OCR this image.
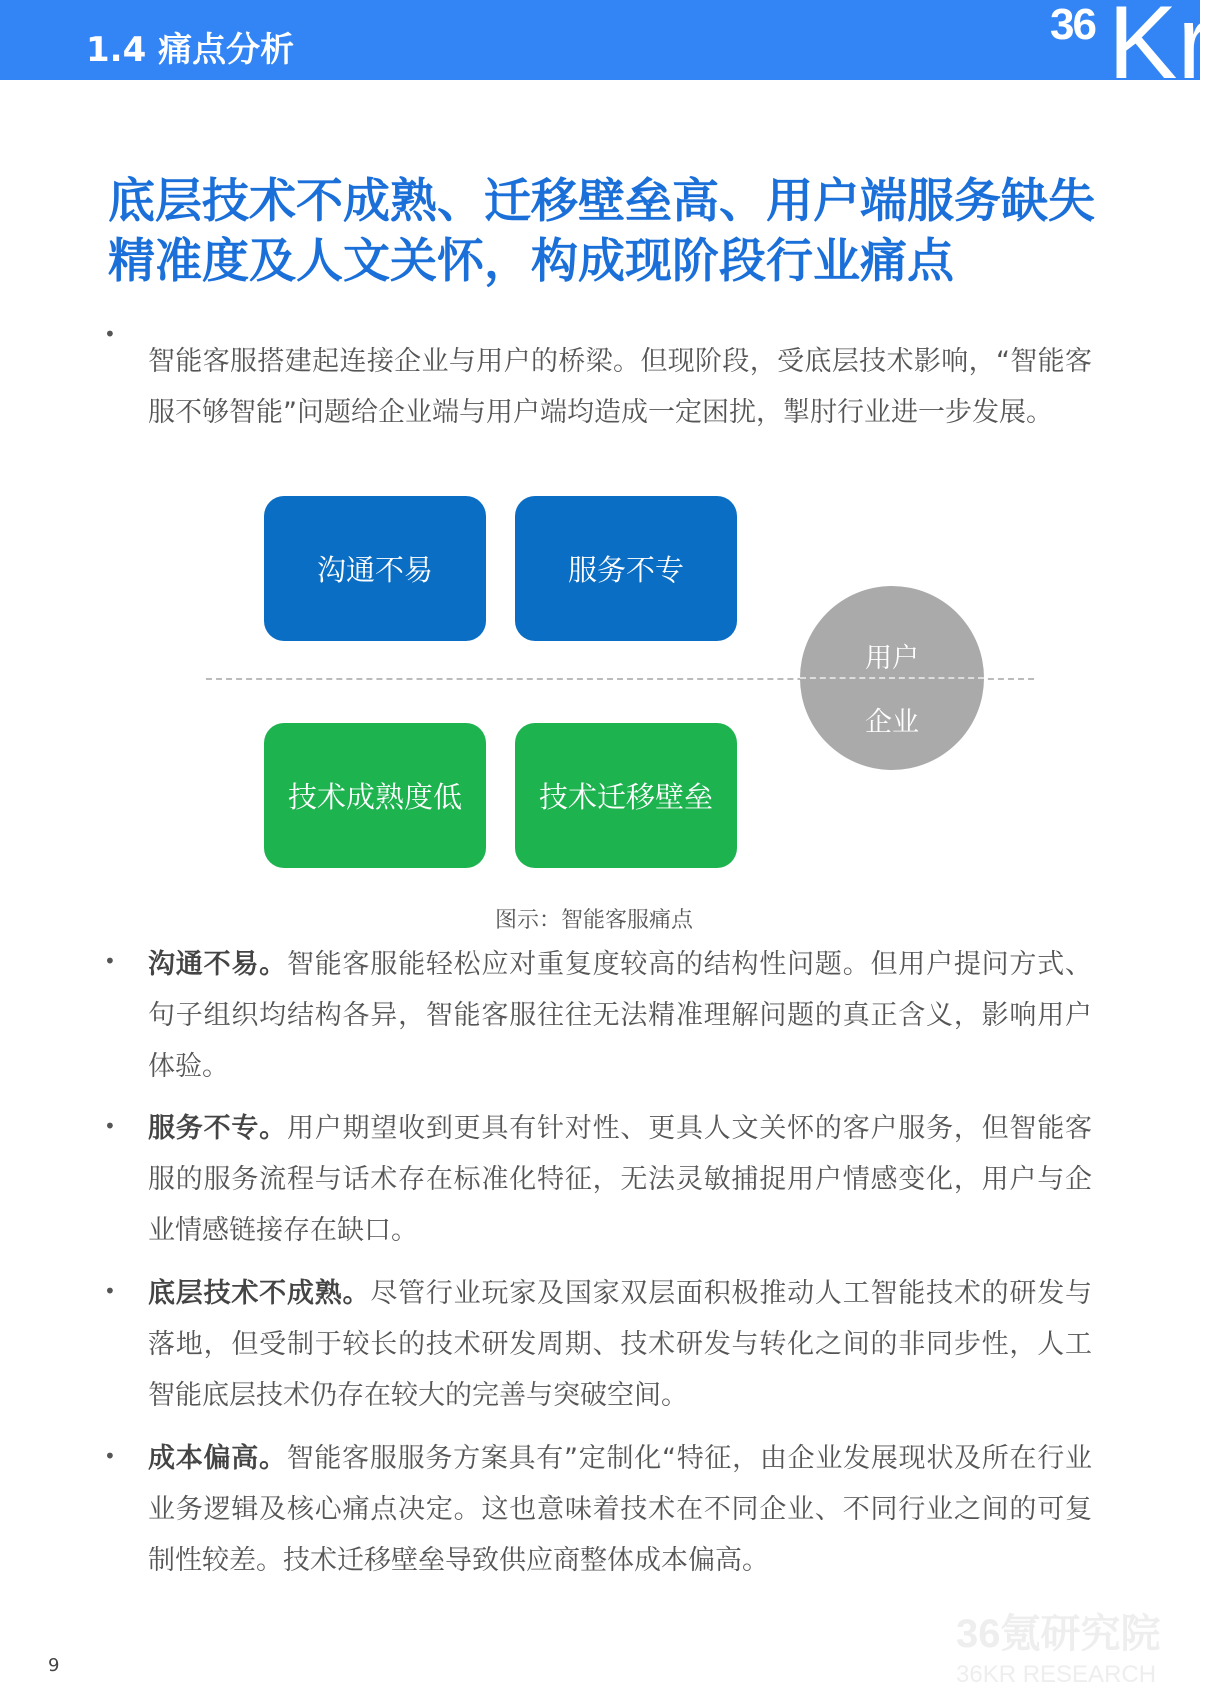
1.4 痛点分析
36 Kr
底层技术不成熟、迁移壁垒高、用户端服务缺失精准度及人文关怀，构成现阶段行业痛点
•
智能客服搭建起连接企业与用户的桥梁。但现阶段，受底层技术影响，“智能客服不够智能”问题给企业端与用户端均造成一定困扰，掣肘行业进一步发展。
沟通不易	服务不专
技术成熟度低	技术迁移壁垒
用户
企业
图示：智能客服痛点
• 沟通不易。智能客服能轻松应对重复度较高的结构性问题。但用户提问方式、句子组织均结构各异，智能客服往往无法精准理解问题的真正含义，影响用户体验。
• 服务不专。用户期望收到更具有针对性、更具人文关怀的客户服务，但智能客服的服务流程与话术存在标准化特征，无法灵敏捕捉用户情感变化，用户与企业情感链接存在缺口。
• 底层技术不成熟。尽管行业玩家及国家双层面积极推动人工智能技术的研发与落地，但受制于较长的技术研发周期、技术研发与转化之间的非同步性，人工智能底层技术仍存在较大的完善与突破空间。
• 成本偏高。智能客服服务方案具有”定制化“特征，由企业发展现状及所在行业业务逻辑及核心痛点决定。这也意味着技术在不同企业、不同行业之间的可复制性较差。技术迁移壁垒导致供应商整体成本偏高。
9
36氪研究院
36KR RESEARCH
